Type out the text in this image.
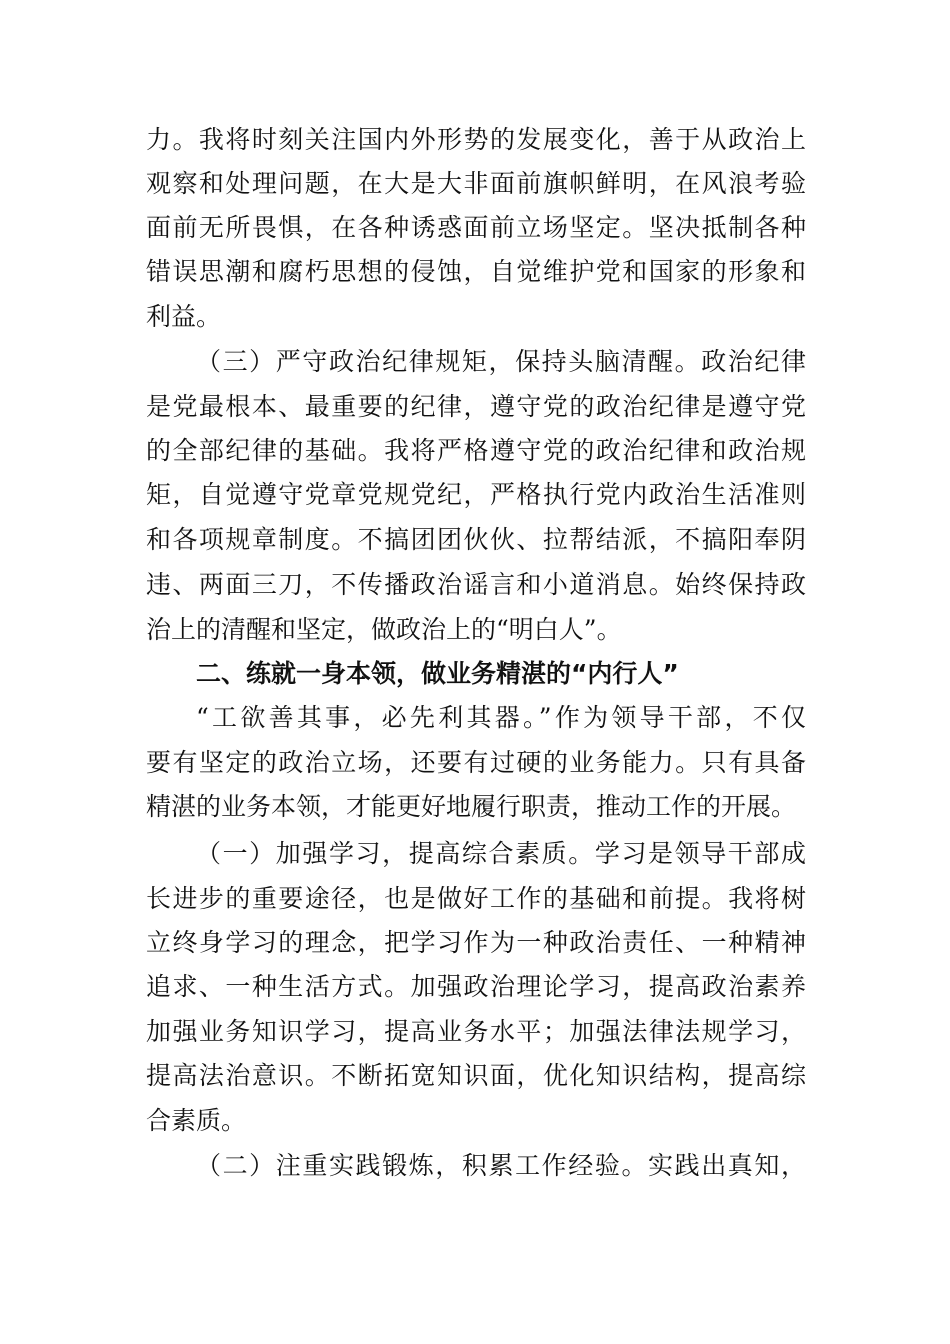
力。我将时刻关注国内外形势的发展变化，善于从政治上
观察和处理问题，在大是大非面前旗帜鲜明，在风浪考验
面前无所畏惧，在各种诱惑面前立场坚定。坚决抵制各种
错误思潮和腐朽思想的侵蚀，自觉维护党和国家的形象和
利益。
（三）严守政治纪律规矩，保持头脑清醒。政治纪律
是党最根本、最重要的纪律，遵守党的政治纪律是遵守党
的全部纪律的基础。我将严格遵守党的政治纪律和政治规
矩，自觉遵守党章党规党纪，严格执行党内政治生活准则
和各项规章制度。不搞团团伙伙、拉帮结派，不搞阳奉阴
违、两面三刀，不传播政治谣言和小道消息。始终保持政
治上的清醒和坚定，做政治上的“明白人”。
二、练就一身本领，做业务精湛的“内行人”
“工欲善其事，必先利其器。”作为领导干部，不仅
要有坚定的政治立场，还要有过硬的业务能力。只有具备
精湛的业务本领，才能更好地履行职责，推动工作的开展。
（一）加强学习，提高综合素质。学习是领导干部成
长进步的重要途径，也是做好工作的基础和前提。我将树
立终身学习的理念，把学习作为一种政治责任、一种精神
追求、一种生活方式。加强政治理论学习，提高政治素养
加强业务知识学习，提高业务水平；加强法律法规学习，
提高法治意识。不断拓宽知识面，优化知识结构，提高综
合素质。
（二）注重实践锻炼，积累工作经验。实践出真知，
